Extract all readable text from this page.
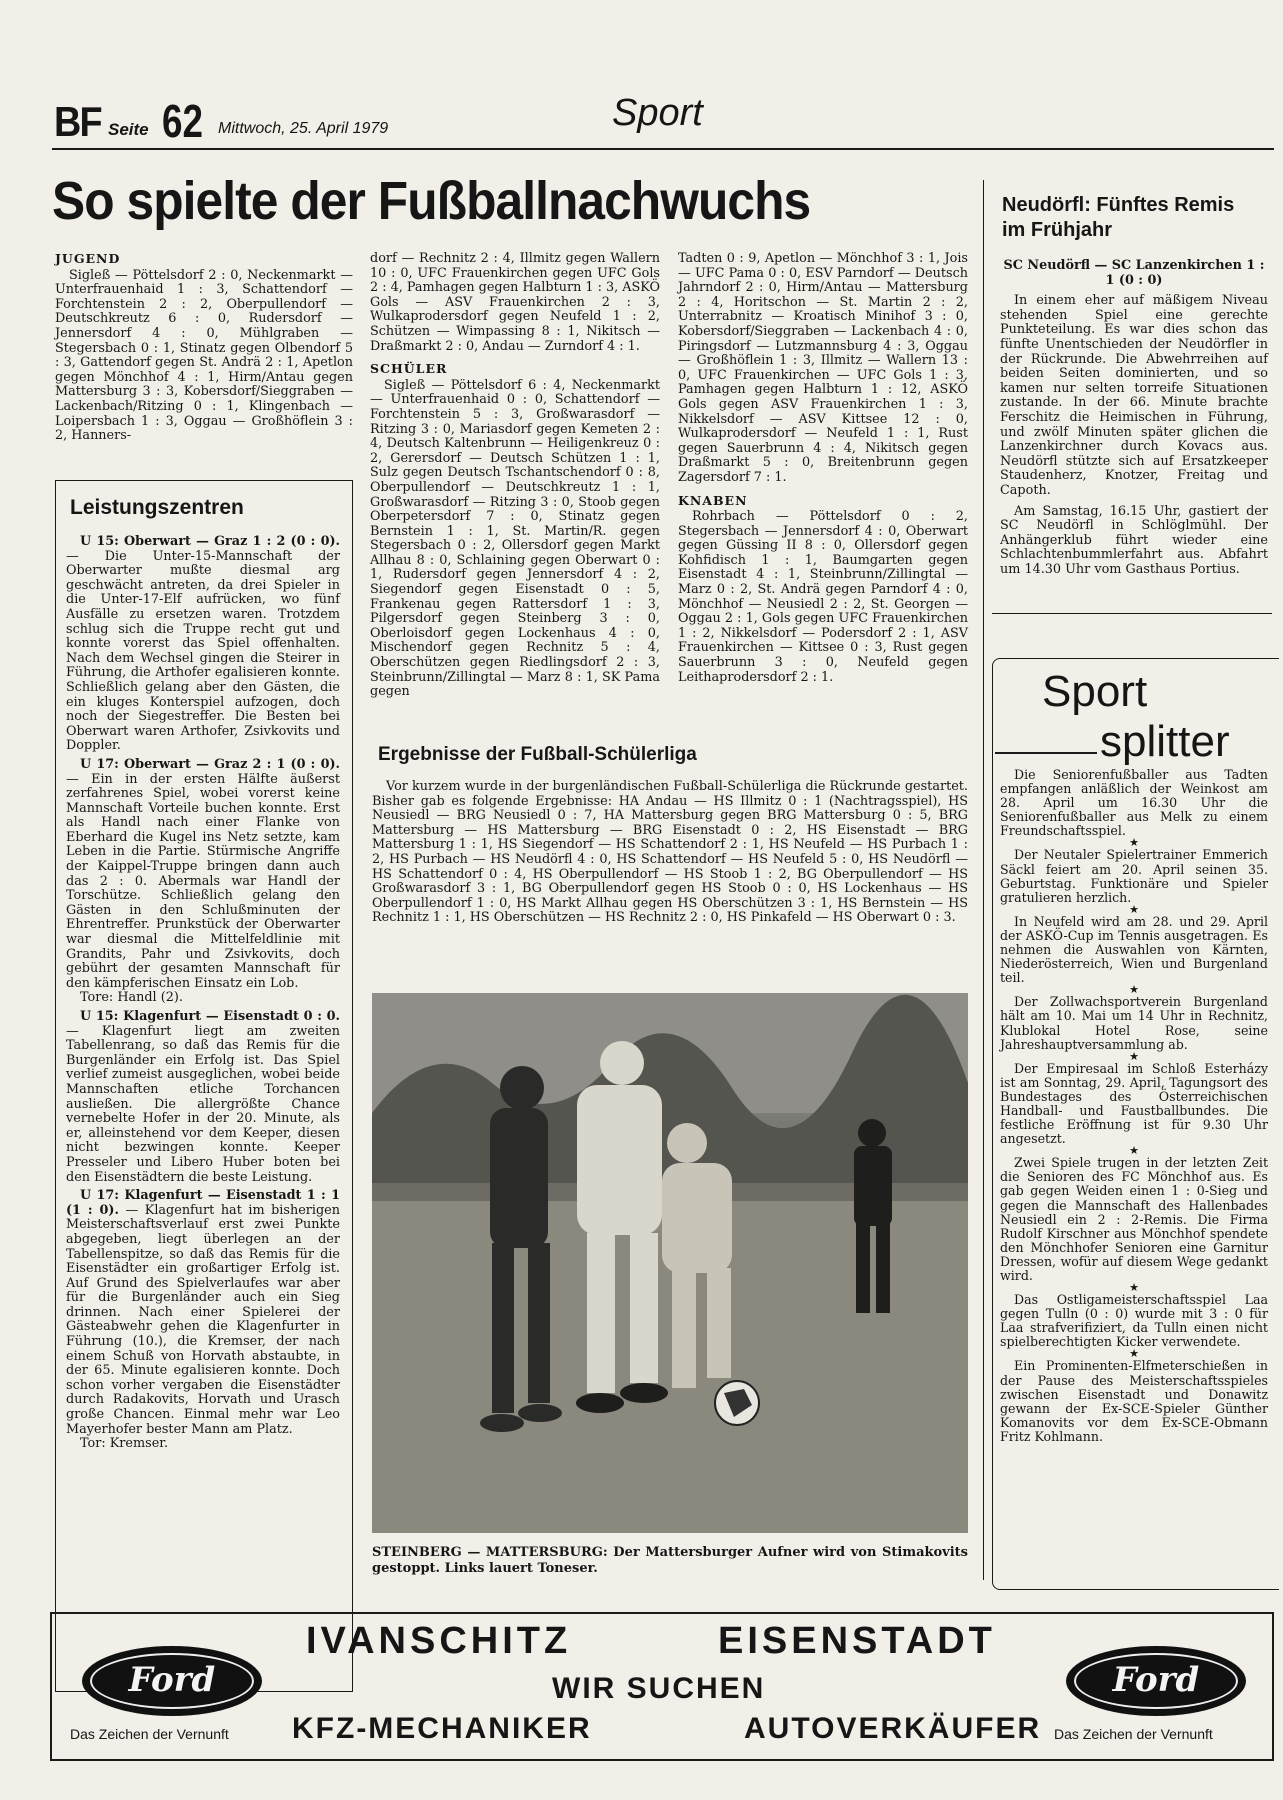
BF Seite 62 Mittwoch, 25. April 1979	Sport
So spielte der Fußballnachwuchs
JUGEND

Sigleß — Pöttelsdorf 2 : 0, Neckenmarkt — Unterfrauenhaid 1 : 3, Schattendorf — Forchtenstein 2 : 2, Oberpullendorf — Deutschkreutz 6 : 0, Rudersdorf — Jennersdorf 4 : 0, Mühlgraben — Stegersbach 0 : 1, Stinatz gegen Olbendorf 5 : 3, Gattendorf gegen St. Andrä 2 : 1, Apetlon gegen Mönchhof 4 : 1, Hirm/Antau gegen Mattersburg 3 : 3, Kobersdorf/Sieggraben — Lackenbach/Ritzing 0 : 1, Klingenbach — Loipersbach 1 : 3, Oggau — Großhöflein 3 : 2, Hanners-

Leistungszentren

U 15: Oberwart — Graz 1 : 2 (0 : 0). — Die Unter-15-Mannschaft der Oberwarter mußte diesmal arg geschwächt antreten, da drei Spieler in die Unter-17-Elf aufrücken, wo fünf Ausfälle zu ersetzen waren. Trotzdem schlug sich die Truppe recht gut und konnte vorerst das Spiel offenhalten. Nach dem Wechsel gingen die Steirer in Führung, die Arthofer egalisieren konnte. Schließlich gelang aber den Gästen, die ein kluges Konterspiel aufzogen, doch noch der Siegestreffer. Die Besten bei Oberwart waren Arthofer, Zsivkovits und Doppler.

U 17: Oberwart — Graz 2 : 1 (0 : 0). — Ein in der ersten Hälfte äußerst zerfahrenes Spiel, wobei vorerst keine Mannschaft Vorteile buchen konnte. Erst als Handl nach einer Flanke von Eberhard die Kugel ins Netz setzte, kam Leben in die Partie. Stürmische Angriffe der Kaippel-Truppe bringen dann auch das 2 : 0. Abermals war Handl der Torschütze. Schließlich gelang den Gästen in den Schlußminuten der Ehrentreffer. Prunkstück der Oberwarter war diesmal die Mittelfeldlinie mit Grandits, Pahr und Zsivkovits, doch gebührt der gesamten Mannschaft für den kämpferischen Einsatz ein Lob.

Tore: Handl (2).

U 15: Klagenfurt — Eisenstadt 0 : 0. — Klagenfurt liegt am zweiten Tabellenrang, so daß das Remis für die Burgenländer ein Erfolg ist. Das Spiel verlief zumeist ausgeglichen, wobei beide Mannschaften etliche Torchancen ausließen. Die allergrößte Chance vernebelte Hofer in der 20. Minute, als er, alleinstehend vor dem Keeper, diesen nicht bezwingen konnte. Keeper Presseler und Libero Huber boten bei den Eisenstädtern die beste Leistung.

U 17: Klagenfurt — Eisenstadt 1 : 1 (1 : 0). — Klagenfurt hat im bisherigen Meisterschaftsverlauf erst zwei Punkte abgegeben, liegt überlegen an der Tabellenspitze, so daß das Remis für die Eisenstädter ein großartiger Erfolg ist. Auf Grund des Spielverlaufes war aber für die Burgenländer auch ein Sieg drinnen. Nach einer Spielerei der Gästeabwehr gehen die Klagenfurter in Führung (10.), die Kremser, der nach einem Schuß von Horvath abstaubte, in der 65. Minute egalisieren konnte. Doch schon vorher vergaben die Eisenstädter durch Radakovits, Horvath und Urasch große Chancen. Einmal mehr war Leo Mayerhofer bester Mann am Platz.

Tor: Kremser.

dorf — Rechnitz 2 : 4, Illmitz gegen Wallern 10 : 0, UFC Frauenkirchen gegen UFC Gols 2 : 4, Pamhagen gegen Halbturn 1 : 3, ASKÖ Gols — ASV Frauenkirchen 2 : 3, Wulkaprodersdorf gegen Neufeld 1 : 2, Schützen — Wimpassing 8 : 1, Nikitsch — Draßmarkt 2 : 0, Andau — Zurndorf 4 : 1.

SCHÜLER

Sigleß — Pöttelsdorf 6 : 4, Neckenmarkt — Unterfrauenhaid 0 : 0, Schattendorf — Forchtenstein 5 : 3, Großwarasdorf — Ritzing 3 : 0, Mariasdorf gegen Kemeten 2 : 4, Deutsch Kaltenbrunn — Heiligenkreuz 0 : 2, Gerersdorf — Deutsch Schützen 1 : 1, Sulz gegen Deutsch Tschantschendorf 0 : 8, Oberpullendorf — Deutschkreutz 1 : 1, Großwarasdorf — Ritzing 3 : 0, Stoob gegen Oberpetersdorf 7 : 0, Stinatz gegen Bernstein 1 : 1, St. Martin/R. gegen Stegersbach 0 : 2, Ollersdorf gegen Markt Allhau 8 : 0, Schlaining gegen Oberwart 0 : 1, Rudersdorf gegen Jennersdorf 4 : 2, Siegendorf gegen Eisenstadt 0 : 5, Frankenau gegen Rattersdorf 1 : 3, Pilgersdorf gegen Steinberg 3 : 0, Oberloisdorf gegen Lockenhaus 4 : 0, Mischendorf gegen Rechnitz 5 : 4, Oberschützen gegen Riedlingsdorf 2 : 3, Steinbrunn/Zillingtal — Marz 8 : 1, SK Pama gegen

Tadten 0 : 9, Apetlon — Mönchhof 3 : 1, Jois — UFC Pama 0 : 0, ESV Parndorf — Deutsch Jahrndorf 2 : 0, Hirm/Antau — Mattersburg 2 : 4, Horitschon — St. Martin 2 : 2, Unterrabnitz — Kroatisch Minihof 3 : 0, Kobersdorf/Sieggraben — Lackenbach 4 : 0, Piringsdorf — Lutzmannsburg 4 : 3, Oggau — Großhöflein 1 : 3, Illmitz — Wallern 13 : 0, UFC Frauenkirchen — UFC Gols 1 : 3, Pamhagen gegen Halbturn 1 : 12, ASKÖ Gols gegen ASV Frauenkirchen 1 : 3, Nikkelsdorf — ASV Kittsee 12 : 0, Wulkaprodersdorf — Neufeld 1 : 1, Rust gegen Sauerbrunn 4 : 4, Nikitsch gegen Draßmarkt 5 : 0, Breitenbrunn gegen Zagersdorf 7 : 1.

KNABEN

Rohrbach — Pöttelsdorf 0 : 2, Stegersbach — Jennersdorf 4 : 0, Oberwart gegen Güssing II 8 : 0, Ollersdorf gegen Kohfidisch 1 : 1, Baumgarten gegen Eisenstadt 4 : 1, Steinbrunn/Zillingtal — Marz 0 : 2, St. Andrä gegen Parndorf 4 : 0, Mönchhof — Neusiedl 2 : 2, St. Georgen — Oggau 2 : 1, Gols gegen UFC Frauenkirchen 1 : 2, Nikkelsdorf — Podersdorf 2 : 1, ASV Frauenkirchen — Kittsee 0 : 3, Rust gegen Sauerbrunn 3 : 0, Neufeld gegen Leithaprodersdorf 2 : 1.

Ergebnisse der Fußball-Schülerliga

Vor kurzem wurde in der burgenländischen Fußball-Schülerliga die Rückrunde gestartet. Bisher gab es folgende Ergebnisse: HA Andau — HS Illmitz 0 : 1 (Nachtragsspiel), HS Neusiedl — BRG Neusiedl 0 : 7, HA Mattersburg gegen BRG Mattersburg 0 : 5, BRG Mattersburg — HS Mattersburg — BRG Eisenstadt 0 : 2, HS Eisenstadt — BRG Mattersburg 1 : 1, HS Siegendorf — HS Schattendorf 2 : 1, HS Neufeld — HS Purbach 1 : 2, HS Purbach — HS Neudörfl 4 : 0, HS Schattendorf — HS Neufeld 5 : 0, HS Neudörfl — HS Schattendorf 0 : 4, HS Oberpullendorf — HS Stoob 1 : 2, BG Oberpullendorf — HS Großwarasdorf 3 : 1, BG Oberpullendorf gegen HS Stoob 0 : 0, HS Lockenhaus — HS Oberpullendorf 1 : 0, HS Markt Allhau gegen HS Oberschützen 3 : 1, HS Bernstein — HS Rechnitz 1 : 1, HS Oberschützen — HS Rechnitz 2 : 0, HS Pinkafeld — HS Oberwart 0 : 3.

STEINBERG — MATTERSBURG: Der Mattersburger Aufner wird von Stimakovits gestoppt. Links lauert Toneser.
Neudörfl: Fünftes Remis im Frühjahr

SC Neudörfl — SC Lanzenkirchen 1 : 1 (0 : 0)

In einem eher auf mäßigem Niveau stehenden Spiel eine gerechte Punkteteilung. Es war dies schon das fünfte Unentschieden der Neudörfler in der Rückrunde. Die Abwehrreihen auf beiden Seiten dominierten, und so kamen nur selten torreife Situationen zustande. In der 66. Minute brachte Ferschitz die Heimischen in Führung, und zwölf Minuten später glichen die Lanzenkirchner durch Kovacs aus. Neudörfl stützte sich auf Ersatzkeeper Staudenherz, Knotzer, Freitag und Capoth.

Am Samstag, 16.15 Uhr, gastiert der SC Neudörfl in Schlöglmühl. Der Anhängerklub führt wieder eine Schlachtenbummlerfahrt aus. Abfahrt um 14.30 Uhr vom Gasthaus Portius.

Sport
splitter

Die Seniorenfußballer aus Tadten empfangen anläßlich der Weinkost am 28. April um 16.30 Uhr die Seniorenfußballer aus Melk zu einem Freundschaftsspiel.

★

Der Neutaler Spielertrainer Emmerich Säckl feiert am 20. April seinen 35. Geburtstag. Funktionäre und Spieler gratulieren herzlich.

★

In Neufeld wird am 28. und 29. April der ASKÖ-Cup im Tennis ausgetragen. Es nehmen die Auswahlen von Kärnten, Niederösterreich, Wien und Burgenland teil.

★

Der Zollwachsportverein Burgenland hält am 10. Mai um 14 Uhr in Rechnitz, Klublokal Hotel Rose, seine Jahreshauptversammlung ab.

★

Der Empiresaal im Schloß Esterházy ist am Sonntag, 29. April, Tagungsort des Bundestages des Österreichischen Handball- und Faustballbundes. Die festliche Eröffnung ist für 9.30 Uhr angesetzt.

★

Zwei Spiele trugen in der letzten Zeit die Senioren des FC Mönchhof aus. Es gab gegen Weiden einen 1 : 0-Sieg und gegen die Mannschaft des Hallenbades Neusiedl ein 2 : 2-Remis. Die Firma Rudolf Kirschner aus Mönchhof spendete den Mönchhofer Senioren eine Garnitur Dressen, wofür auf diesem Wege gedankt wird.

★

Das Ostligameisterschaftsspiel Laa gegen Tulln (0 : 0) wurde mit 3 : 0 für Laa strafverifiziert, da Tulln einen nicht spielberechtigten Kicker verwendete.

★

Ein Prominenten-Elfmeterschießen in der Pause des Meisterschaftsspieles zwischen Eisenstadt und Donawitz gewann der Ex-SCE-Spieler Günther Komanovits vor dem Ex-SCE-Obmann Fritz Kohlmann.

Ford
Das Zeichen der Vernunft
Ford
Das Zeichen der Vernunft
IVANSCHITZ	EISENSTADT
WIR SUCHEN
KFZ-MECHANIKER	AUTOVERKÄUFER
